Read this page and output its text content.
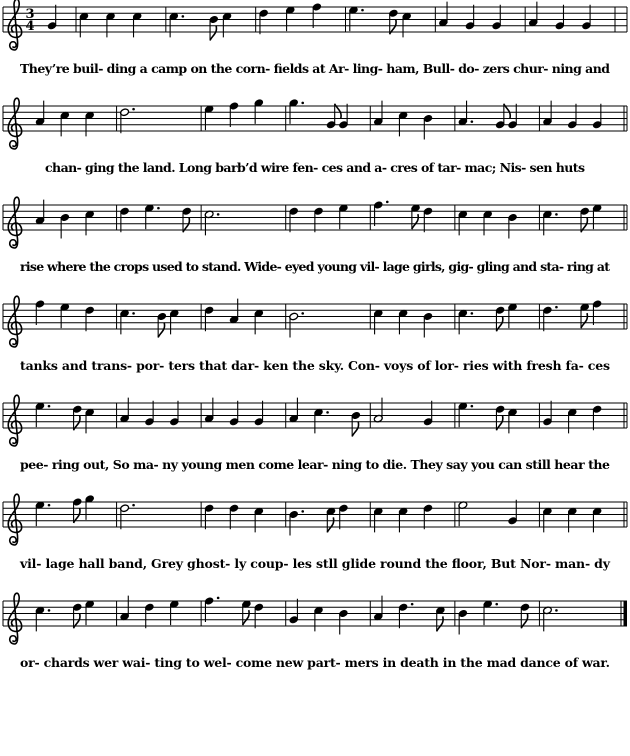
3
4
They’re buil- ding a camp on the corn- fields at Ar- ling- ham, Bull- do- zers chur- ning and
chan- ging the land. Long barb’d wire fen- ces and a- cres of tar- mac; Nis- sen huts
rise where the crops used to stand. Wide- eyed young vil- lage girls, gig- gling and sta- ring at
tanks and trans- por- ters that dar- ken the sky. Con- voys of lor- ries with fresh fa- ces
pee- ring out, So ma- ny young men come lear- ning to die. They say you can still hear the
vil- lage hall band, Grey ghost- ly coup- les stll glide round the floor, But Nor- man- dy
or- chards wer wai- ting to wel- come new part- mers in death in the mad dance of war.
